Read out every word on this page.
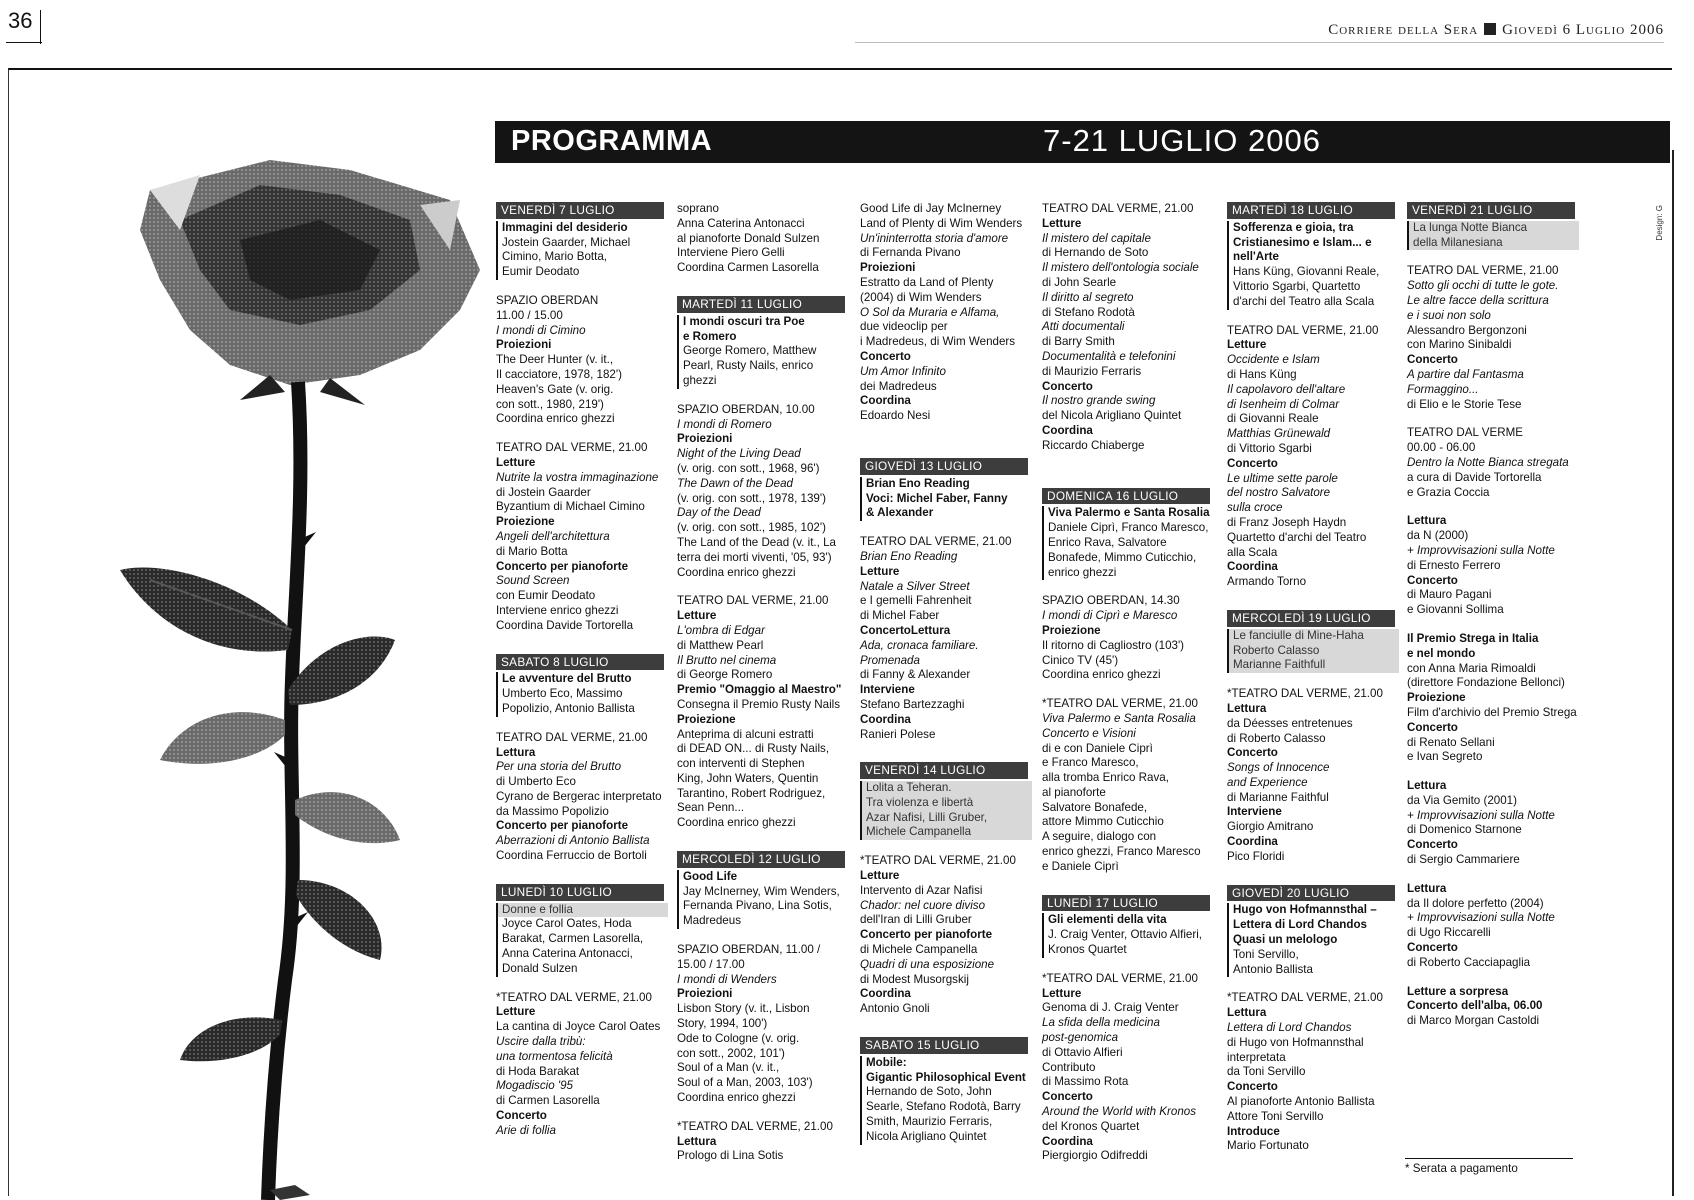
36	Corriere della Sera Giovedì 6 Luglio 2006
PROGRAMMA	7-21 LUGLIO 2006
Design: G

VENERDÌ 7 LUGLIO

Immagini del desiderio

Jostein Gaarder, Michael

Cimino, Mario Botta,

Eumir Deodato

SPAZIO OBERDAN

11.00 / 15.00

I mondi di Cimino

Proiezioni

The Deer Hunter (v. it.,

Il cacciatore, 1978, 182')

Heaven's Gate (v. orig.

con sott., 1980, 219')

Coordina enrico ghezzi

TEATRO DAL VERME, 21.00

Letture

Nutrite la vostra immaginazione

di Jostein Gaarder

Byzantium di Michael Cimino

Proiezione

Angeli dell'architettura

di Mario Botta

Concerto per pianoforte

Sound Screen

con Eumir Deodato

Interviene enrico ghezzi

Coordina Davide Tortorella

SABATO 8 LUGLIO

Le avventure del Brutto

Umberto Eco, Massimo

Popolizio, Antonio Ballista

TEATRO DAL VERME, 21.00

Lettura

Per una storia del Brutto

di Umberto Eco

Cyrano de Bergerac interpretato

da Massimo Popolizio

Concerto per pianoforte

Aberrazioni di Antonio Ballista

Coordina Ferruccio de Bortoli

LUNEDÌ 10 LUGLIO

Donne e follia

Joyce Carol Oates, Hoda

Barakat, Carmen Lasorella,

Anna Caterina Antonacci,

Donald Sulzen

*TEATRO DAL VERME, 21.00

Letture

La cantina di Joyce Carol Oates

Uscire dalla tribù:

una tormentosa felicità

di Hoda Barakat

Mogadiscio '95

di Carmen Lasorella

Concerto

Arie di follia

soprano

Anna Caterina Antonacci

al pianoforte Donald Sulzen

Interviene Piero Gelli

Coordina Carmen Lasorella

MARTEDÌ 11 LUGLIO

I mondi oscuri tra Poe

e Romero

George Romero, Matthew

Pearl, Rusty Nails, enrico

ghezzi

SPAZIO OBERDAN, 10.00

I mondi di Romero

Proiezioni

Night of the Living Dead

(v. orig. con sott., 1968, 96')

The Dawn of the Dead

(v. orig. con sott., 1978, 139')

Day of the Dead

(v. orig. con sott., 1985, 102')

The Land of the Dead (v. it., La

terra dei morti viventi, '05, 93')

Coordina enrico ghezzi

TEATRO DAL VERME, 21.00

Letture

L'ombra di Edgar

di Matthew Pearl

Il Brutto nel cinema

di George Romero

Premio "Omaggio al Maestro"

Consegna il Premio Rusty Nails

Proiezione

Anteprima di alcuni estratti

di DEAD ON... di Rusty Nails,

con interventi di Stephen

King, John Waters, Quentin

Tarantino, Robert Rodriguez,

Sean Penn...

Coordina enrico ghezzi

MERCOLEDÌ 12 LUGLIO

Good Life

Jay McInerney, Wim Wenders,

Fernanda Pivano, Lina Sotis,

Madredeus

SPAZIO OBERDAN, 11.00 /

15.00 / 17.00

I mondi di Wenders

Proiezioni

Lisbon Story (v. it., Lisbon

Story, 1994, 100')

Ode to Cologne (v. orig.

con sott., 2002, 101')

Soul of a Man (v. it.,

Soul of a Man, 2003, 103')

Coordina enrico ghezzi

*TEATRO DAL VERME, 21.00

Lettura

Prologo di Lina Sotis

Good Life di Jay McInerney

Land of Plenty di Wim Wenders

Un'ininterrotta storia d'amore

di Fernanda Pivano

Proiezioni

Estratto da Land of Plenty

(2004) di Wim Wenders

O Sol da Muraria e Alfama,

due videoclip per

i Madredeus, di Wim Wenders

Concerto

Um Amor Infinito

dei Madredeus

Coordina

Edoardo Nesi

GIOVEDÌ 13 LUGLIO

Brian Eno Reading

Voci: Michel Faber, Fanny

& Alexander

TEATRO DAL VERME, 21.00

Brian Eno Reading

Letture

Natale a Silver Street

e I gemelli Fahrenheit

di Michel Faber

ConcertoLettura

Ada, cronaca familiare.

Promenada

di Fanny & Alexander

Interviene

Stefano Bartezzaghi

Coordina

Ranieri Polese

VENERDÌ 14 LUGLIO

Lolita a Teheran.

Tra violenza e libertà

Azar Nafisi, Lilli Gruber,

Michele Campanella

*TEATRO DAL VERME, 21.00

Letture

Intervento di Azar Nafisi

Chador: nel cuore diviso

dell'Iran di Lilli Gruber

Concerto per pianoforte

di Michele Campanella

Quadri di una esposizione

di Modest Musorgskij

Coordina

Antonio Gnoli

SABATO 15 LUGLIO

Mobile:

Gigantic Philosophical Event

Hernando de Soto, John

Searle, Stefano Rodotà, Barry

Smith, Maurizio Ferraris,

Nicola Arigliano Quintet

TEATRO DAL VERME, 21.00

Letture

Il mistero del capitale

di Hernando de Soto

Il mistero dell'ontologia sociale

di John Searle

Il diritto al segreto

di Stefano Rodotà

Atti documentali

di Barry Smith

Documentalità e telefonini

di Maurizio Ferraris

Concerto

Il nostro grande swing

del Nicola Arigliano Quintet

Coordina

Riccardo Chiaberge

DOMENICA 16 LUGLIO

Viva Palermo e Santa Rosalia

Daniele Ciprì, Franco Maresco,

Enrico Rava, Salvatore

Bonafede, Mimmo Cuticchio,

enrico ghezzi

SPAZIO OBERDAN, 14.30

I mondi di Ciprì e Maresco

Proiezione

Il ritorno di Cagliostro (103')

Cinico TV (45')

Coordina enrico ghezzi

*TEATRO DAL VERME, 21.00

Viva Palermo e Santa Rosalia

Concerto e Visioni

di e con Daniele Ciprì

e Franco Maresco,

alla tromba Enrico Rava,

al pianoforte

Salvatore Bonafede,

attore Mimmo Cuticchio

A seguire, dialogo con

enrico ghezzi, Franco Maresco

e Daniele Ciprì

LUNEDÌ 17 LUGLIO

Gli elementi della vita

J. Craig Venter, Ottavio Alfieri,

Kronos Quartet

*TEATRO DAL VERME, 21.00

Letture

Genoma di J. Craig Venter

La sfida della medicina

post-genomica

di Ottavio Alfieri

Contributo

di Massimo Rota

Concerto

Around the World with Kronos

del Kronos Quartet

Coordina

Piergiorgio Odifreddi

MARTEDÌ 18 LUGLIO

Sofferenza e gioia, tra

Cristianesimo e Islam... e

nell'Arte

Hans Küng, Giovanni Reale,

Vittorio Sgarbi, Quartetto

d'archi del Teatro alla Scala

TEATRO DAL VERME, 21.00

Letture

Occidente e Islam

di Hans Küng

Il capolavoro dell'altare

di Isenheim di Colmar

di Giovanni Reale

Matthias Grünewald

di Vittorio Sgarbi

Concerto

Le ultime sette parole

del nostro Salvatore

sulla croce

di Franz Joseph Haydn

Quartetto d'archi del Teatro

alla Scala

Coordina

Armando Torno

MERCOLEDÌ 19 LUGLIO

Le fanciulle di Mine-Haha

Roberto Calasso

Marianne Faithfull

*TEATRO DAL VERME, 21.00

Lettura

da Déesses entretenues

di Roberto Calasso

Concerto

Songs of Innocence

and Experience

di Marianne Faithful

Interviene

Giorgio Amitrano

Coordina

Pico Floridi

GIOVEDÌ 20 LUGLIO

Hugo von Hofmannsthal –

Lettera di Lord Chandos

Quasi un melologo

Toni Servillo,

Antonio Ballista

*TEATRO DAL VERME, 21.00

Lettura

Lettera di Lord Chandos

di Hugo von Hofmannsthal

interpretata

da Toni Servillo

Concerto

Al pianoforte Antonio Ballista

Attore Toni Servillo

Introduce

Mario Fortunato

VENERDÌ 21 LUGLIO

La lunga Notte Bianca

della Milanesiana

TEATRO DAL VERME, 21.00

Sotto gli occhi di tutte le gote.

Le altre facce della scrittura

e i suoi non solo

Alessandro Bergonzoni

con Marino Sinibaldi

Concerto

A partire dal Fantasma

Formaggino...

di Elio e le Storie Tese

TEATRO DAL VERME

00.00 - 06.00

Dentro la Notte Bianca stregata

a cura di Davide Tortorella

e Grazia Coccia

Lettura

da N (2000)

+ Improvvisazioni sulla Notte

di Ernesto Ferrero

Concerto

di Mauro Pagani

e Giovanni Sollima

Il Premio Strega in Italia

e nel mondo

con Anna Maria Rimoaldi

(direttore Fondazione Bellonci)

Proiezione

Film d'archivio del Premio Strega

Concerto

di Renato Sellani

e Ivan Segreto

Lettura

da Via Gemito (2001)

+ Improvvisazioni sulla Notte

di Domenico Starnone

Concerto

di Sergio Cammariere

Lettura

da Il dolore perfetto (2004)

+ Improvvisazioni sulla Notte

di Ugo Riccarelli

Concerto

di Roberto Cacciapaglia

Letture a sorpresa

Concerto dell'alba, 06.00

di Marco Morgan Castoldi

* Serata a pagamento
